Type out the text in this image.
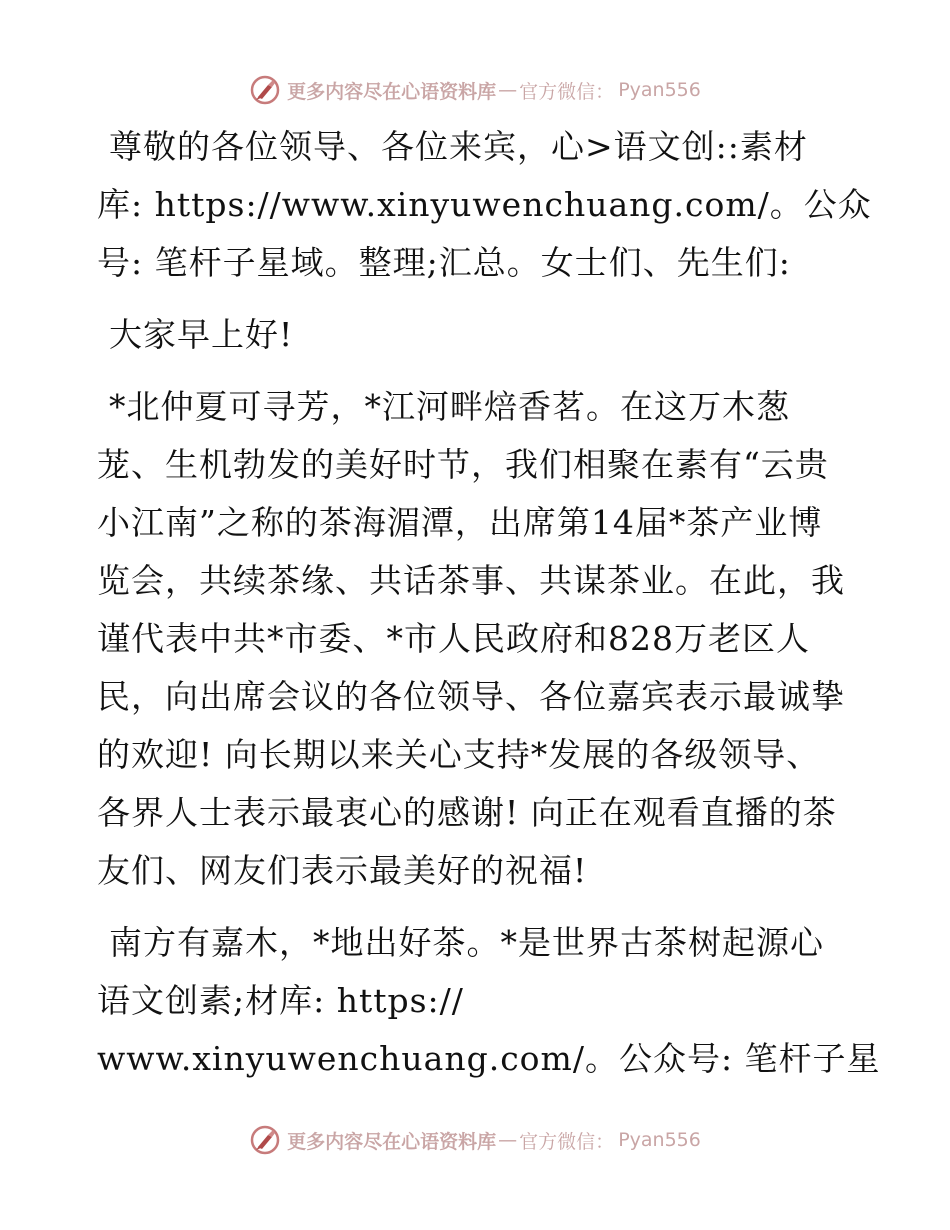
更多内容尽在心语资料库 — 官方微信： Pyan556
尊敬的各位领导、各位来宾，心>语文创::素材
库: https://www.xinyuwenchuang.com/。公众
号: 笔杆子星域。整理;汇总。女士们、先生们:
大家早上好!
*北仲夏可寻芳，*江河畔焙香茗。在这万木葱
茏、生机勃发的美好时节，我们相聚在素有“云贵
小江南”之称的茶海湄潭，出席第14届*茶产业博
览会，共续茶缘、共话茶事、共谋茶业。在此，我
谨代表中共*市委、*市人民政府和828万老区人
民，向出席会议的各位领导、各位嘉宾表示最诚挚
的欢迎! 向长期以来关心支持*发展的各级领导、
各界人士表示最衷心的感谢! 向正在观看直播的茶
友们、网友们表示最美好的祝福!
南方有嘉木，*地出好茶。*是世界古茶树起源心
语文创素;材库: https://
www.xinyuwenchuang.com/。公众号: 笔杆子星
更多内容尽在心语资料库 — 官方微信： Pyan556
